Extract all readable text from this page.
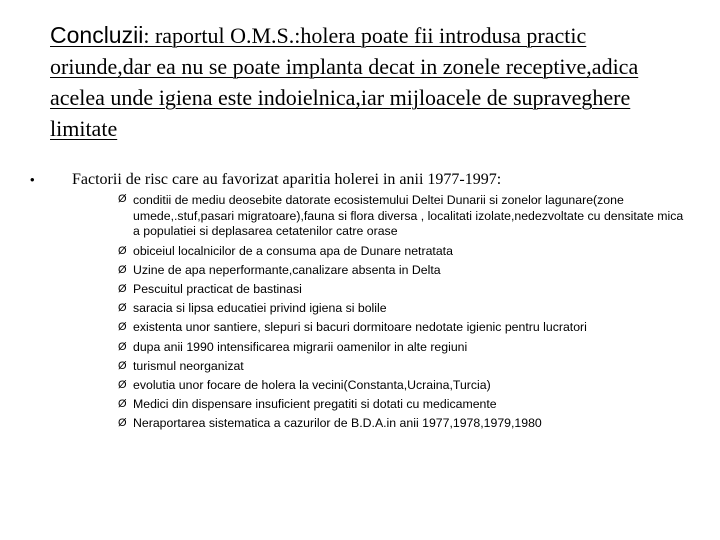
Concluzii: raportul O.M.S.:holera poate fii introdusa practic oriunde,dar ea nu se poate implanta decat in zonele receptive,adica acelea unde igiena este indoielnica,iar mijloacele de supraveghere limitate
• Factorii de risc care au favorizat aparitia holerei in anii 1977-1997:
Ø conditii de mediu deosebite datorate ecosistemului Deltei Dunarii si zonelor lagunare(zone umede,.stuf,pasari migratoare),fauna si flora diversa , localitati izolate,nedezvoltate cu densitate mica a populatiei si deplasarea cetatenilor catre orase
Ø obiceiul localnicilor de a consuma apa de Dunare netratata
Ø Uzine de apa neperformante,canalizare absenta in Delta
Ø Pescuitul practicat de bastinasi
Ø saracia si lipsa educatiei privind igiena si bolile
Ø existenta unor santiere, slepuri si bacuri dormitoare nedotate igienic pentru lucratori
Ø dupa anii 1990 intensificarea migrarii oamenilor in alte regiuni
Ø turismul neorganizat
Ø evolutia unor focare de holera la vecini(Constanta,Ucraina,Turcia)
Ø Medici din dispensare insuficient pregatiti si dotati cu medicamente
Ø Neraportarea sistematica a cazurilor de B.D.A.in anii 1977,1978,1979,1980
